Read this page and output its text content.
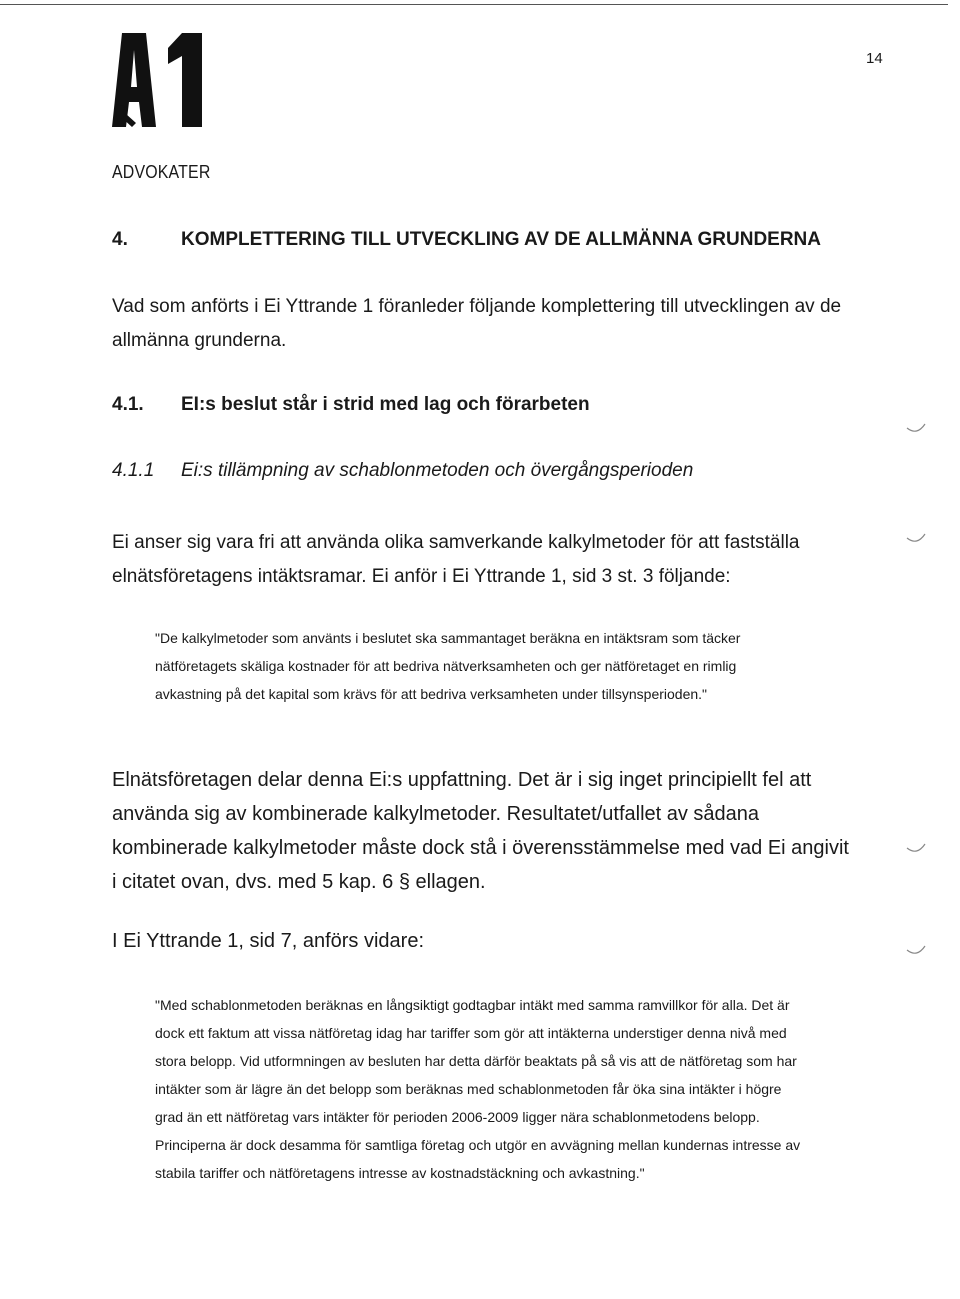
14
§
ADVOKATER
4.	KOMPLETTERING TILL UTVECKLING AV DE ALLMÄNNA GRUNDERNA
Vad som anförts i Ei Yttrande 1 föranleder följande komplettering till utvecklingen av de allmänna grunderna.
4.1. EI:s beslut står i strid med lag och förarbeten
4.1.1 Ei:s tillämpning av schablonmetoden och övergångsperioden
Ei anser sig vara fri att använda olika samverkande kalkylmetoder för att fastställa elnätsföretagens intäktsramar. Ei anför i Ei Yttrande 1, sid 3 st. 3 följande:
"De kalkylmetoder som använts i beslutet ska sammantaget beräkna en intäktsram som täcker nätföretagets skäliga kostnader för att bedriva nätverksamheten och ger nätföretaget en rimlig avkastning på det kapital som krävs för att bedriva verksamheten under tillsynsperioden."
Elnätsföretagen delar denna Ei:s uppfattning. Det är i sig inget principiellt fel att använda sig av kombinerade kalkylmetoder. Resultatet/utfallet av sådana kombinerade kalkylmetoder måste dock stå i överensstämmelse med vad Ei angivit i citatet ovan, dvs. med 5 kap. 6 § ellagen.
I Ei Yttrande 1, sid 7, anförs vidare:
"Med schablonmetoden beräknas en långsiktigt godtagbar intäkt med samma ramvillkor för alla. Det är dock ett faktum att vissa nätföretag idag har tariffer som gör att intäkterna understiger denna nivå med stora belopp. Vid utformningen av besluten har detta därför beaktats på så vis att de nätföretag som har intäkter som är lägre än det belopp som beräknas med schablonmetoden får öka sina intäkter i högre grad än ett nätföretag vars intäkter för perioden 2006-2009 ligger nära schablonmetodens belopp. Principerna är dock desamma för samtliga företag och utgör en avvägning mellan kundernas intresse av stabila tariffer och nätföretagens intresse av kostnadstäckning och avkastning."
